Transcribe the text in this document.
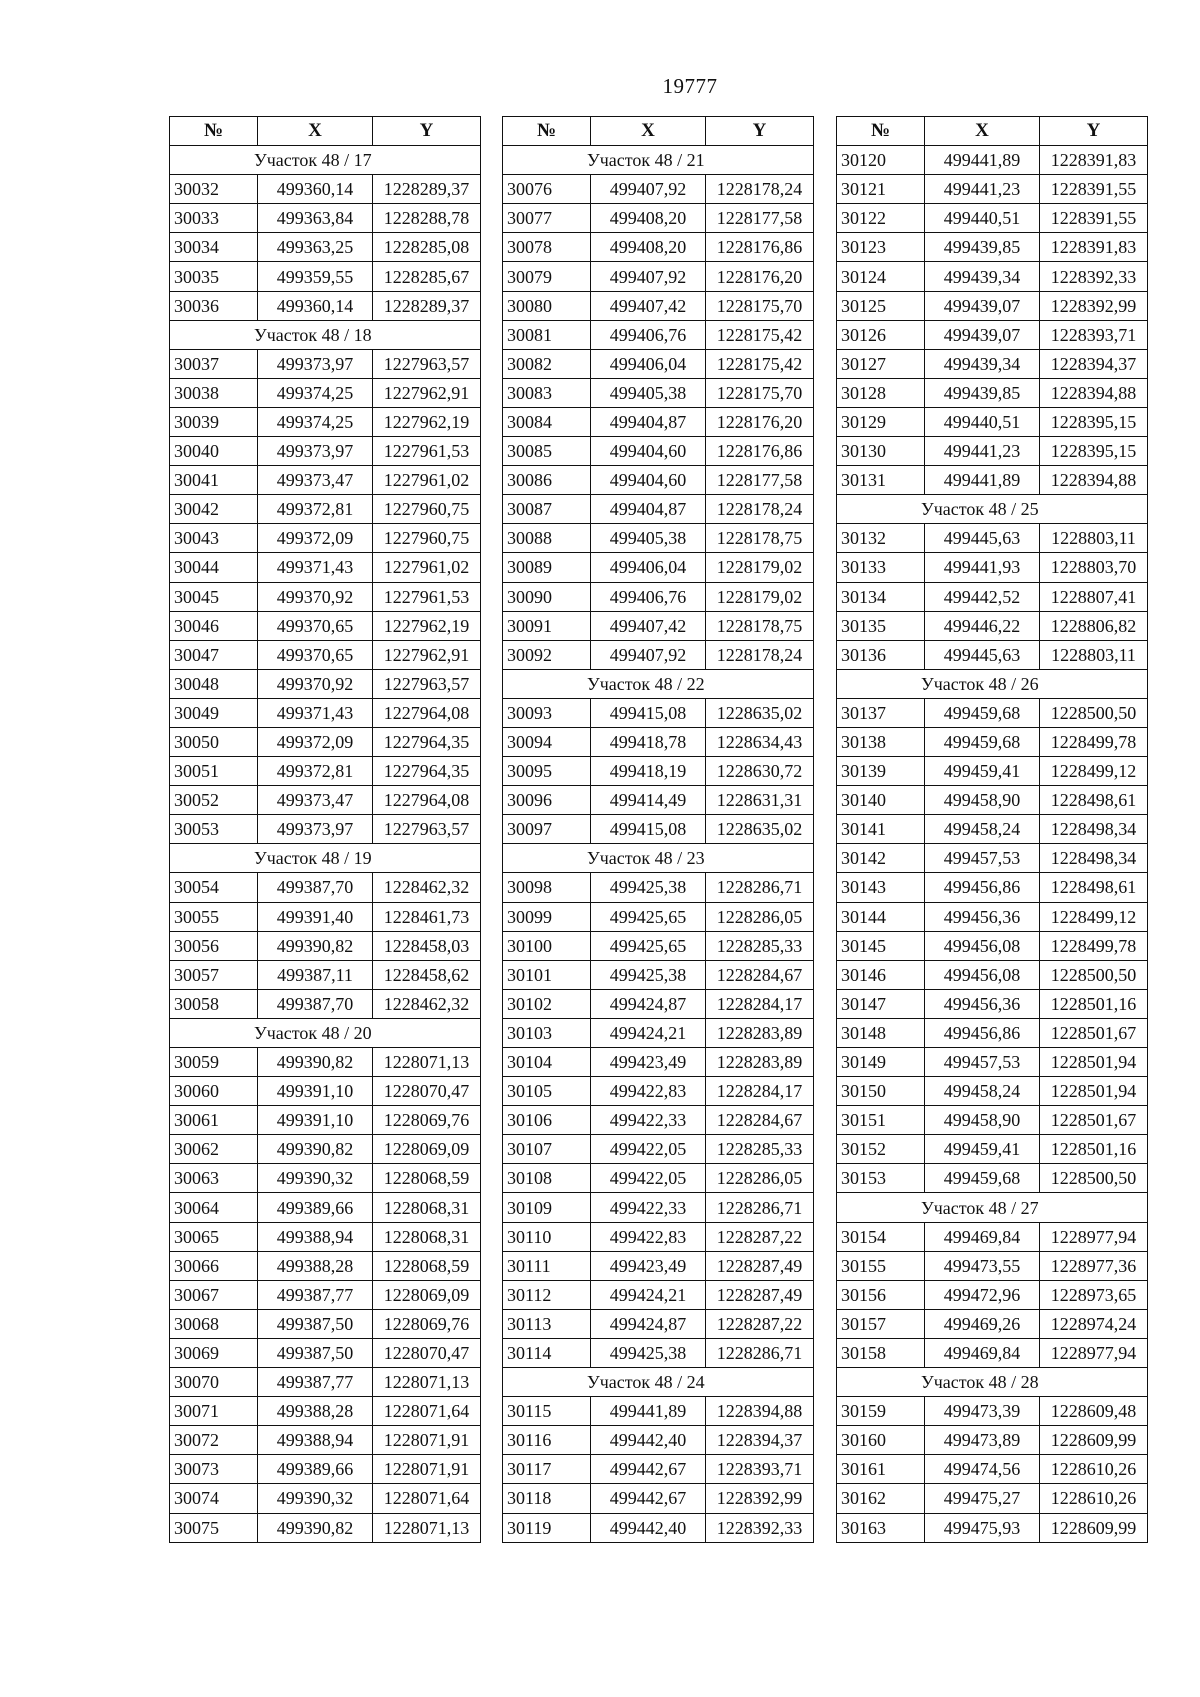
19777
№	X	Y
Участок 48 / 17		
30032	499360,14	1228289,37
30033	499363,84	1228288,78
30034	499363,25	1228285,08
30035	499359,55	1228285,67
30036	499360,14	1228289,37
Участок 48 / 18		
30037	499373,97	1227963,57
30038	499374,25	1227962,91
30039	499374,25	1227962,19
30040	499373,97	1227961,53
30041	499373,47	1227961,02
30042	499372,81	1227960,75
30043	499372,09	1227960,75
30044	499371,43	1227961,02
30045	499370,92	1227961,53
30046	499370,65	1227962,19
30047	499370,65	1227962,91
30048	499370,92	1227963,57
30049	499371,43	1227964,08
30050	499372,09	1227964,35
30051	499372,81	1227964,35
30052	499373,47	1227964,08
30053	499373,97	1227963,57
Участок 48 / 19		
30054	499387,70	1228462,32
30055	499391,40	1228461,73
30056	499390,82	1228458,03
30057	499387,11	1228458,62
30058	499387,70	1228462,32
Участок 48 / 20		
30059	499390,82	1228071,13
30060	499391,10	1228070,47
30061	499391,10	1228069,76
30062	499390,82	1228069,09
30063	499390,32	1228068,59
30064	499389,66	1228068,31
30065	499388,94	1228068,31
30066	499388,28	1228068,59
30067	499387,77	1228069,09
30068	499387,50	1228069,76
30069	499387,50	1228070,47
30070	499387,77	1228071,13
30071	499388,28	1228071,64
30072	499388,94	1228071,91
30073	499389,66	1228071,91
30074	499390,32	1228071,64
30075	499390,82	1228071,13
№	X	Y
Участок 48 / 21		
30076	499407,92	1228178,24
30077	499408,20	1228177,58
30078	499408,20	1228176,86
30079	499407,92	1228176,20
30080	499407,42	1228175,70
30081	499406,76	1228175,42
30082	499406,04	1228175,42
30083	499405,38	1228175,70
30084	499404,87	1228176,20
30085	499404,60	1228176,86
30086	499404,60	1228177,58
30087	499404,87	1228178,24
30088	499405,38	1228178,75
30089	499406,04	1228179,02
30090	499406,76	1228179,02
30091	499407,42	1228178,75
30092	499407,92	1228178,24
Участок 48 / 22		
30093	499415,08	1228635,02
30094	499418,78	1228634,43
30095	499418,19	1228630,72
30096	499414,49	1228631,31
30097	499415,08	1228635,02
Участок 48 / 23		
30098	499425,38	1228286,71
30099	499425,65	1228286,05
30100	499425,65	1228285,33
30101	499425,38	1228284,67
30102	499424,87	1228284,17
30103	499424,21	1228283,89
30104	499423,49	1228283,89
30105	499422,83	1228284,17
30106	499422,33	1228284,67
30107	499422,05	1228285,33
30108	499422,05	1228286,05
30109	499422,33	1228286,71
30110	499422,83	1228287,22
30111	499423,49	1228287,49
30112	499424,21	1228287,49
30113	499424,87	1228287,22
30114	499425,38	1228286,71
Участок 48 / 24		
30115	499441,89	1228394,88
30116	499442,40	1228394,37
30117	499442,67	1228393,71
30118	499442,67	1228392,99
30119	499442,40	1228392,33
№	X	Y
30120	499441,89	1228391,83
30121	499441,23	1228391,55
30122	499440,51	1228391,55
30123	499439,85	1228391,83
30124	499439,34	1228392,33
30125	499439,07	1228392,99
30126	499439,07	1228393,71
30127	499439,34	1228394,37
30128	499439,85	1228394,88
30129	499440,51	1228395,15
30130	499441,23	1228395,15
30131	499441,89	1228394,88
Участок 48 / 25		
30132	499445,63	1228803,11
30133	499441,93	1228803,70
30134	499442,52	1228807,41
30135	499446,22	1228806,82
30136	499445,63	1228803,11
Участок 48 / 26		
30137	499459,68	1228500,50
30138	499459,68	1228499,78
30139	499459,41	1228499,12
30140	499458,90	1228498,61
30141	499458,24	1228498,34
30142	499457,53	1228498,34
30143	499456,86	1228498,61
30144	499456,36	1228499,12
30145	499456,08	1228499,78
30146	499456,08	1228500,50
30147	499456,36	1228501,16
30148	499456,86	1228501,67
30149	499457,53	1228501,94
30150	499458,24	1228501,94
30151	499458,90	1228501,67
30152	499459,41	1228501,16
30153	499459,68	1228500,50
Участок 48 / 27		
30154	499469,84	1228977,94
30155	499473,55	1228977,36
30156	499472,96	1228973,65
30157	499469,26	1228974,24
30158	499469,84	1228977,94
Участок 48 / 28		
30159	499473,39	1228609,48
30160	499473,89	1228609,99
30161	499474,56	1228610,26
30162	499475,27	1228610,26
30163	499475,93	1228609,99
